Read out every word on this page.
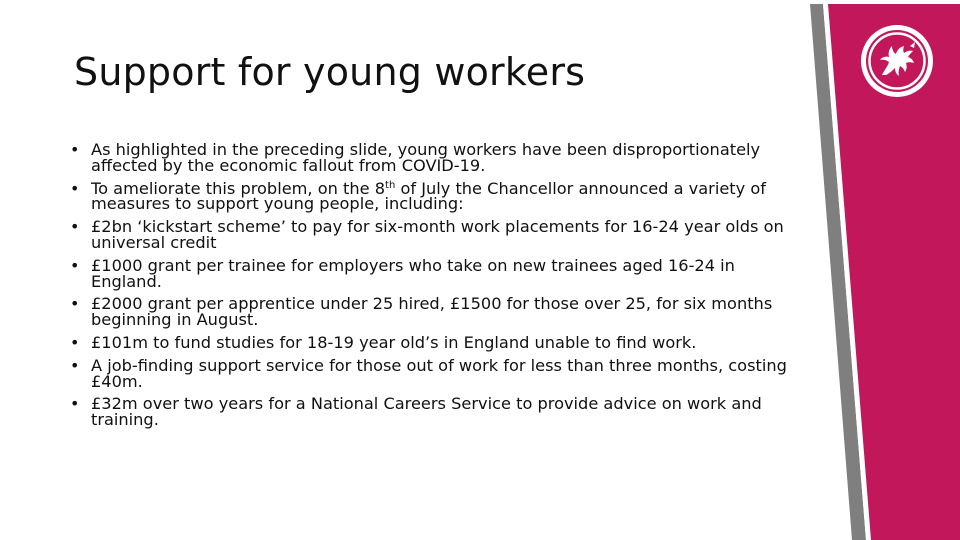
Support for young workers
• As highlighted in the preceding slide, young workers have been disproportionately affected by the economic fallout from COVID-19.
• To ameliorate this problem, on the 8th of July the Chancellor announced a variety of measures to support young people, including:
• £2bn ‘kickstart scheme’ to pay for six-month work placements for 16-24 year olds on universal credit
• £1000 grant per trainee for employers who take on new trainees aged 16-24 in England.
• £2000 grant per apprentice under 25 hired, £1500 for those over 25, for six months beginning in August.
• £101m to fund studies for 18-19 year old’s in England unable to find work.
• A job-finding support service for those out of work for less than three months, costing £40m.
• £32m over two years for a National Careers Service to provide advice on work and training.
